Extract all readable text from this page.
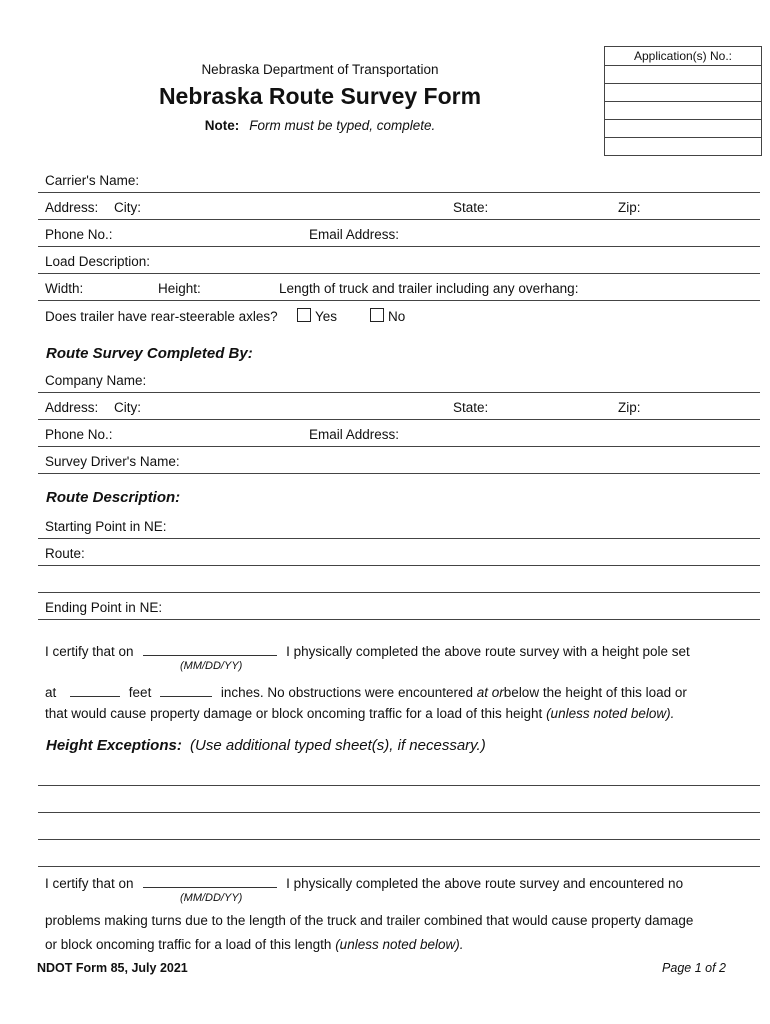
Nebraska Department of Transportation
Nebraska Route Survey Form
Note: Form must be typed, complete.
Application(s) No.:
Carrier's Name:
Address: City:	State:	Zip:
Phone No.:	Email Address:
Load Description:
Width:	Height:	Length of truck and trailer including any overhang:
Does trailer have rear-steerable axles?	Yes	No
Route Survey Completed By:
Company Name:
Address: City:	State:	Zip:
Phone No.:	Email Address:
Survey Driver's Name:
Route Description:
Starting Point in NE:
Route:
Ending Point in NE:
I certify that on	I physically completed the above route survey with a height pole set
(MM/DD/YY)
at	feet	inches. No obstructions were encountered at orbelow the height of this load or
that would cause property damage or block oncoming traffic for a load of this height (unless noted below).
Height Exceptions: (Use additional typed sheet(s), if necessary.)
I certify that on	I physically completed the above route survey and encountered no
(MM/DD/YY)
problems making turns due to the length of the truck and trailer combined that would cause property damage
or block oncoming traffic for a load of this length (unless noted below).
NDOT Form 85, July 2021	Page 1 of 2
